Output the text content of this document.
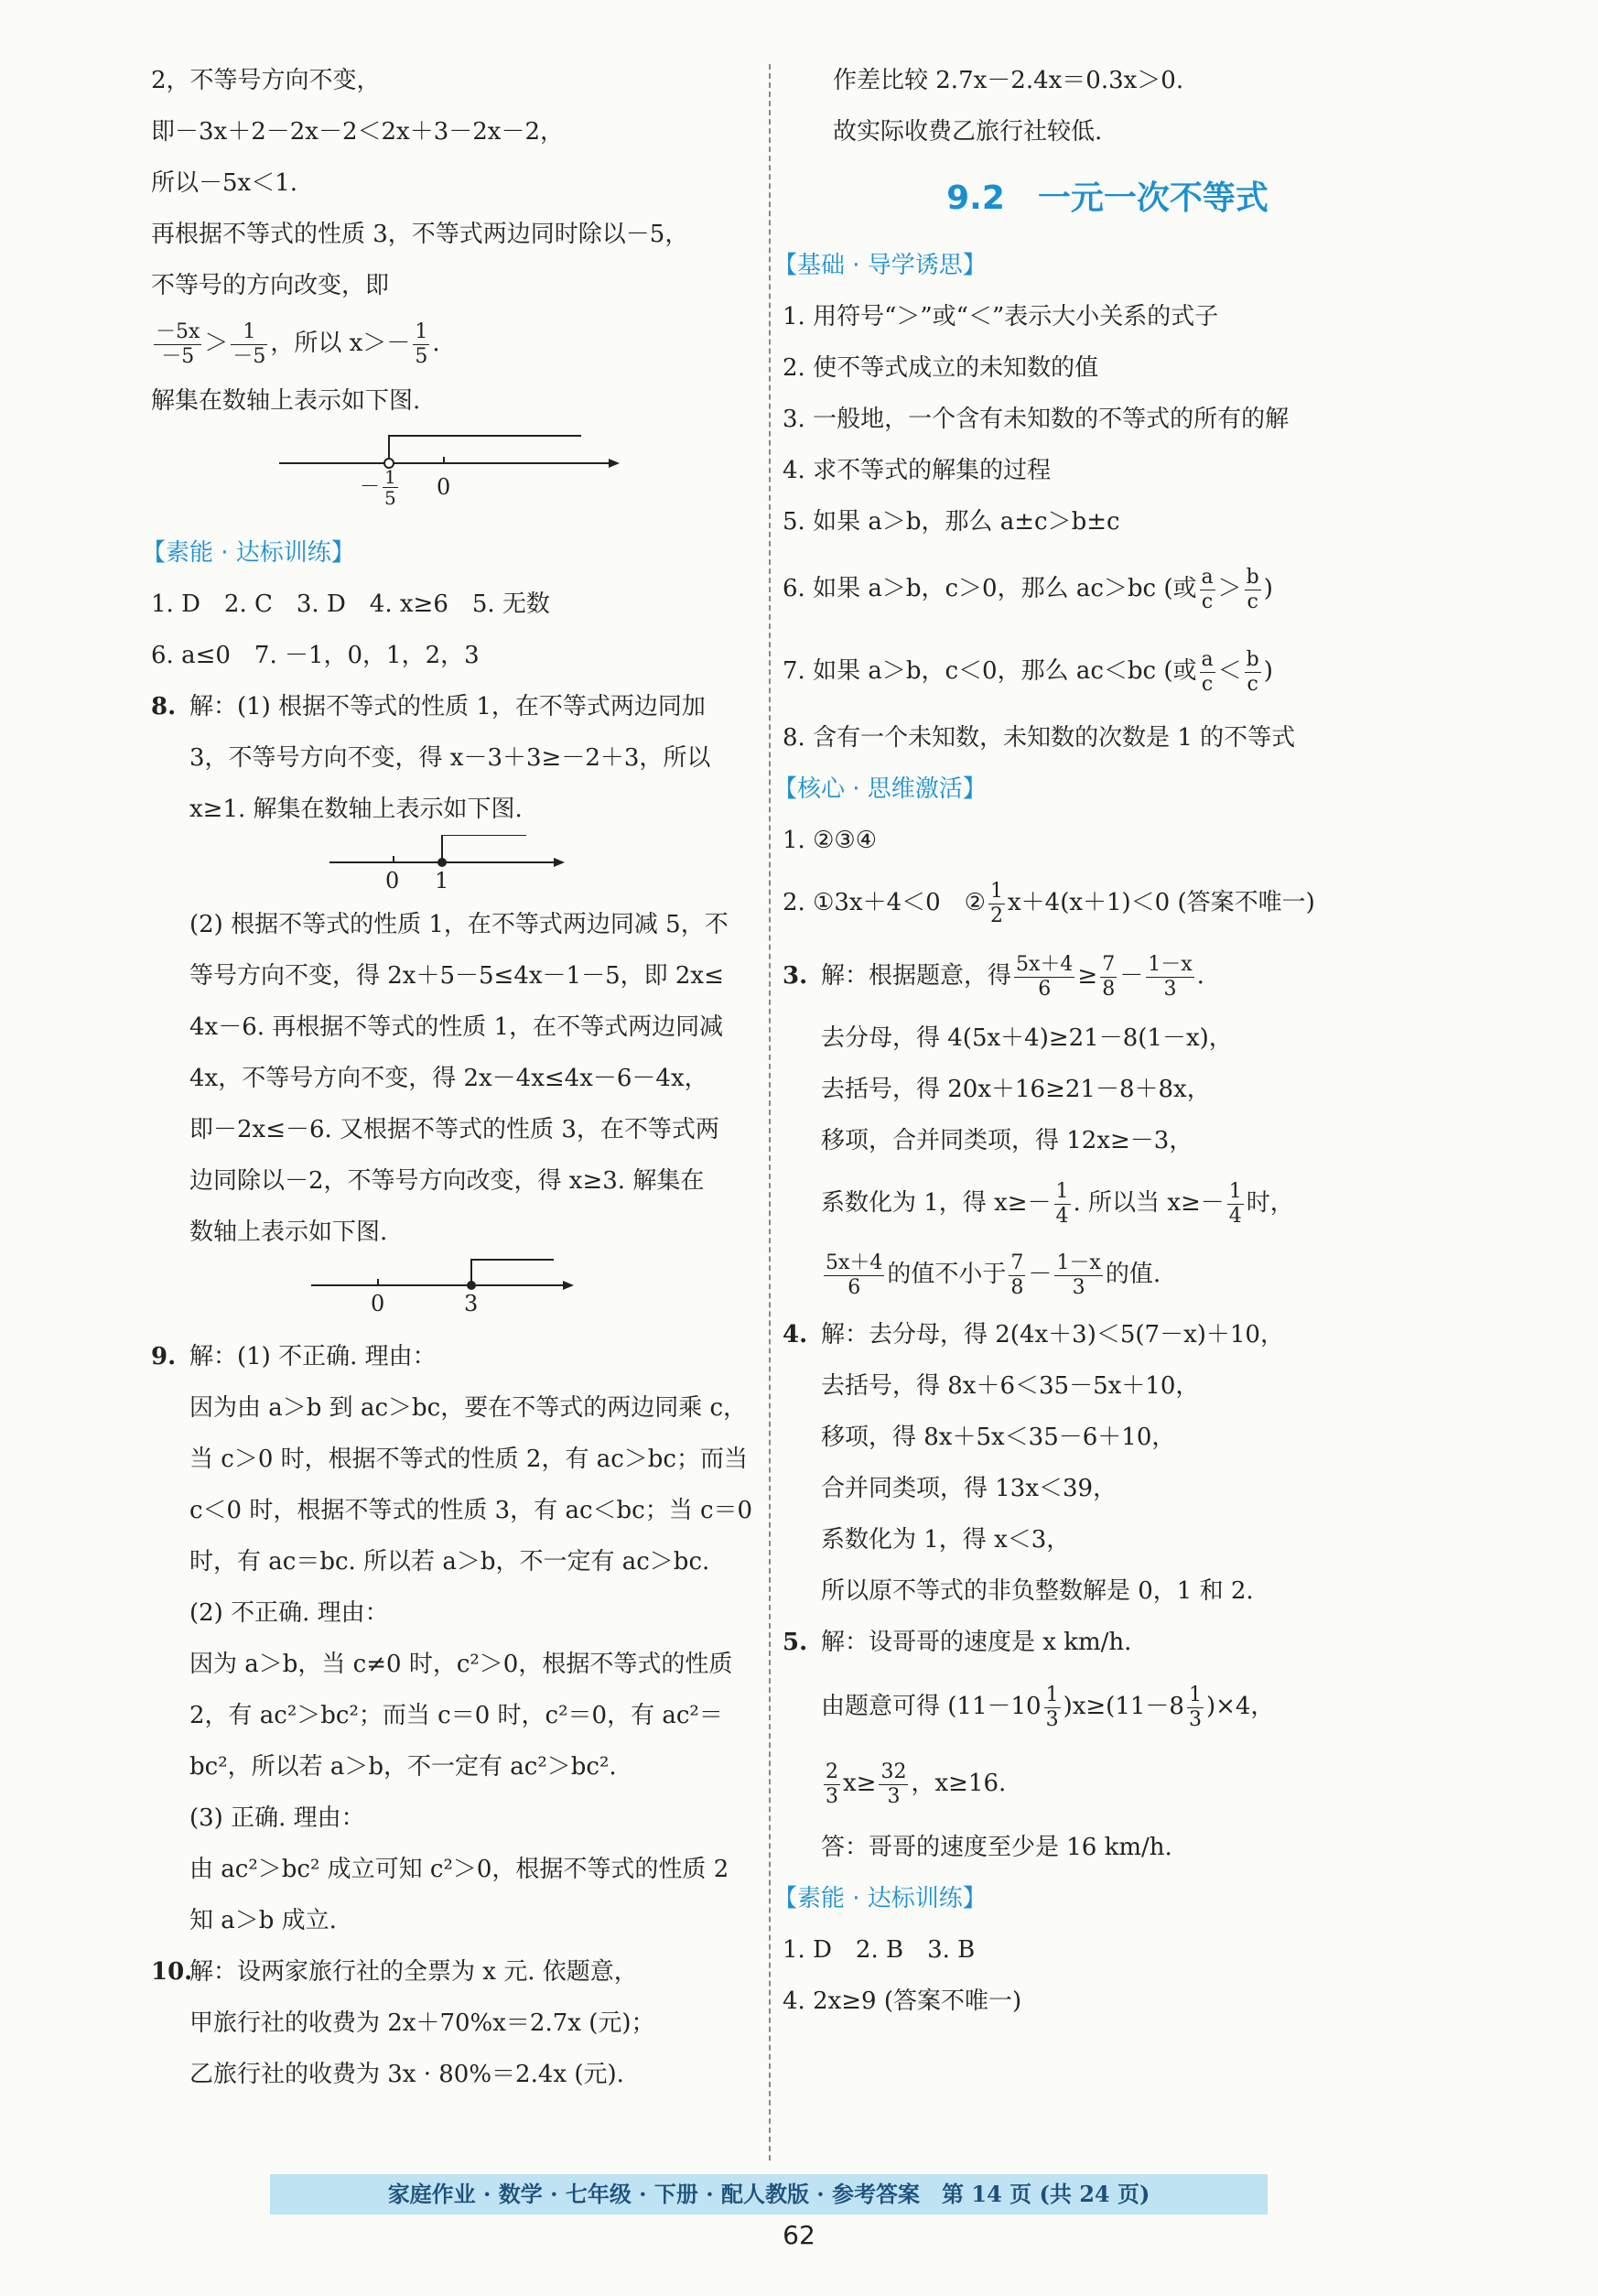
2，不等号方向不变，
即－3x＋2－2x－2＜2x＋3－2x－2，
所以－5x＜1.
再根据不等式的性质 3，不等式两边同时除以－5，
不等号的方向改变，即
$\frac{-5x}{-5} > \frac{1}{-5}$ ，所以 $x>- \frac{1}{5}$ .
解集在数轴上表示如下图.
－ $\frac{1}{5} 0$
【素能 · 达标训练】
1. D　2. C　3. D　4. x≥6　5. 无数
6. a≤0　7. －1，0，1，2，3
8. 解：(1) 根据不等式的性质 1，在不等式两边同加
3，不等号方向不变，得 x－3＋3≥－2＋3，所以
x≥1. 解集在数轴上表示如下图.
0 1
(2) 根据不等式的性质 1，在不等式两边同减 5，不
等号方向不变，得 2x＋5－5≤4x－1－5，即 2x≤
4x－6. 再根据不等式的性质 1，在不等式两边同减
4x，不等号方向不变，得 2x－4x≤4x－6－4x，
即－2x≤－6. 又根据不等式的性质 3，在不等式两
边同除以－2，不等号方向改变，得 x≥3. 解集在
数轴上表示如下图.
0	3
9. 解：(1) 不正确. 理由：
因为由 a＞b 到 ac＞bc，要在不等式的两边同乘 c，
当 c＞0 时，根据不等式的性质 2，有 ac＞bc；而当
c＜0 时，根据不等式的性质 3，有 ac＜bc；当 c＝0
时，有 ac＝bc. 所以若 a＞b，不一定有 ac＞bc.
(2) 不正确. 理由：
因为 a＞b，当 c≠0 时，c²＞0，根据不等式的性质
2，有 ac²＞bc²；而当 c＝0 时，c²＝0，有 ac²＝
bc²，所以若 a＞b，不一定有 ac²＞bc².
(3) 正确. 理由：
由 ac²＞bc² 成立可知 c²＞0，根据不等式的性质 2
知 a＞b 成立.
10.解：设两家旅行社的全票为 x 元. 依题意，
甲旅行社的收费为 2x＋70%x＝2.7x (元)；
乙旅行社的收费为 3x · 80%＝2.4x (元).
作差比较 2.7x－2.4x＝0.3x＞0.
故实际收费乙旅行社较低.
9.2　一元一次不等式
【基础 · 导学诱思】
1. 用符号“＞”或“＜”表示大小关系的式子
2. 使不等式成立的未知数的值
3. 一般地，一个含有未知数的不等式的所有的解
4. 求不等式的解集的过程
5. 如果 a＞b，那么 a±c＞b±c
6. 如果 a＞b，c＞0，那么 ac＞bc (或 $\frac{a}{c} > \frac{b}{c}$ )
7. 如果 a＞b，c＜0，那么 ac＜bc (或 $\frac{a}{c} < \frac{b}{c}$ )
8. 含有一个未知数，未知数的次数是 1 的不等式
【核心 · 思维激活】
1. ②③④
2. ①3x＋4＜0　② $\frac{1}{2} x+4(x+1)<0$ (答案不唯一)
3. 解：根据题意，得 $\frac{5x+4}{6} \ge \frac{7}{8} - \frac{1-x}{3}$ .
去分母，得 4(5x＋4)≥21－8(1－x)，
去括号，得 20x＋16≥21－8＋8x，
移项，合并同类项，得 12x≥－3，
系数化为 1，得 $x\ge- \frac{1}{4}$ . 所以当 $x\ge- \frac{1}{4}$ 时，
$\frac{5x+4}{6}$ 的值不小于 $\frac{7}{8} - \frac{1-x}{3}$ 的值.
4. 解：去分母，得 2(4x＋3)＜5(7－x)＋10，
去括号，得 8x＋6＜35－5x＋10，
移项，得 8x＋5x＜35－6＋10，
合并同类项，得 13x＜39，
系数化为 1，得 x＜3，
所以原不等式的非负整数解是 0，1 和 2.
5. 解：设哥哥的速度是 x km/h.
由题意可得 $(11-10 \frac{1}{3} )x\ge(11-8 \frac{1}{3} )\times 4$，
$\frac{2}{3} x\ge \frac{32}{3}$ ，x≥16.
答：哥哥的速度至少是 16 km/h.
【素能 · 达标训练】
1. D　2. B　3. B
4. 2x≥9 (答案不唯一)
家庭作业 · 数学 · 七年级 · 下册 · 配人教版 · 参考答案　第 14 页 (共 24 页)
62
